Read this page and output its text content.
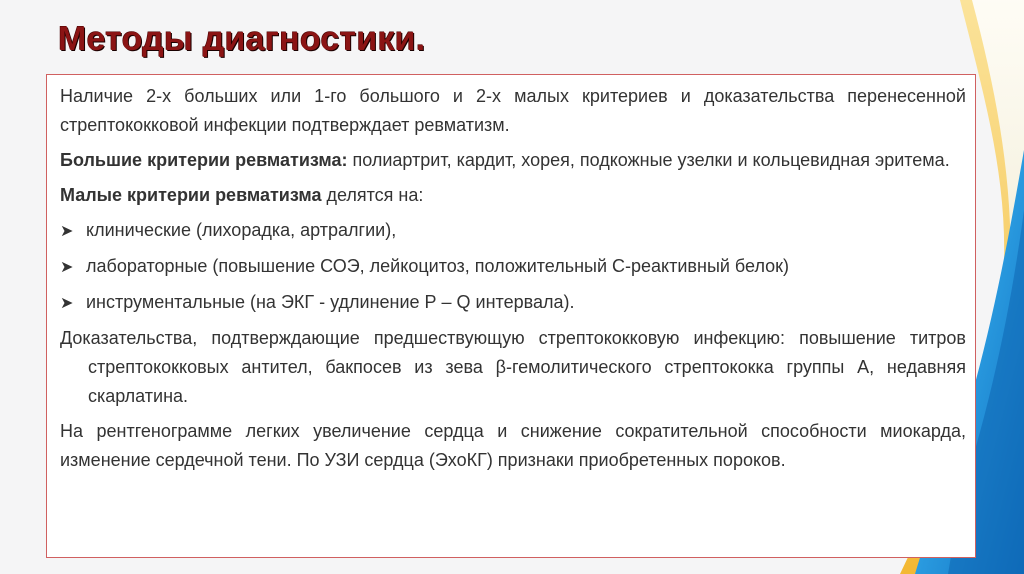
Методы диагностики.

Наличие 2-х больших или 1-го большого и 2-х малых критериев и доказательства перенесенной стрептококковой инфекции подтверждает ревматизм.

Большие критерии ревматизма: полиартрит, кардит, хорея, подкожные узелки и кольцевидная эритема.

Малые критерии ревматизма делятся на:

➤ клинические (лихорадка, артралгии),
➤ лабораторные (повышение СОЭ, лейкоцитоз, положительный С-реактивный белок)
➤ инструментальные (на ЭКГ - удлинение Р – Q интервала).

Доказательства, подтверждающие предшествующую стрептококковую инфекцию: повышение титров стрептококковых антител, бакпосев из зева β-гемолитического стрептококка группы А, недавняя скарлатина.

На рентгенограмме легких увеличение сердца и снижение сократительной способности миокарда, изменение сердечной тени. По УЗИ сердца (ЭхоКГ) признаки приобретенных пороков.
